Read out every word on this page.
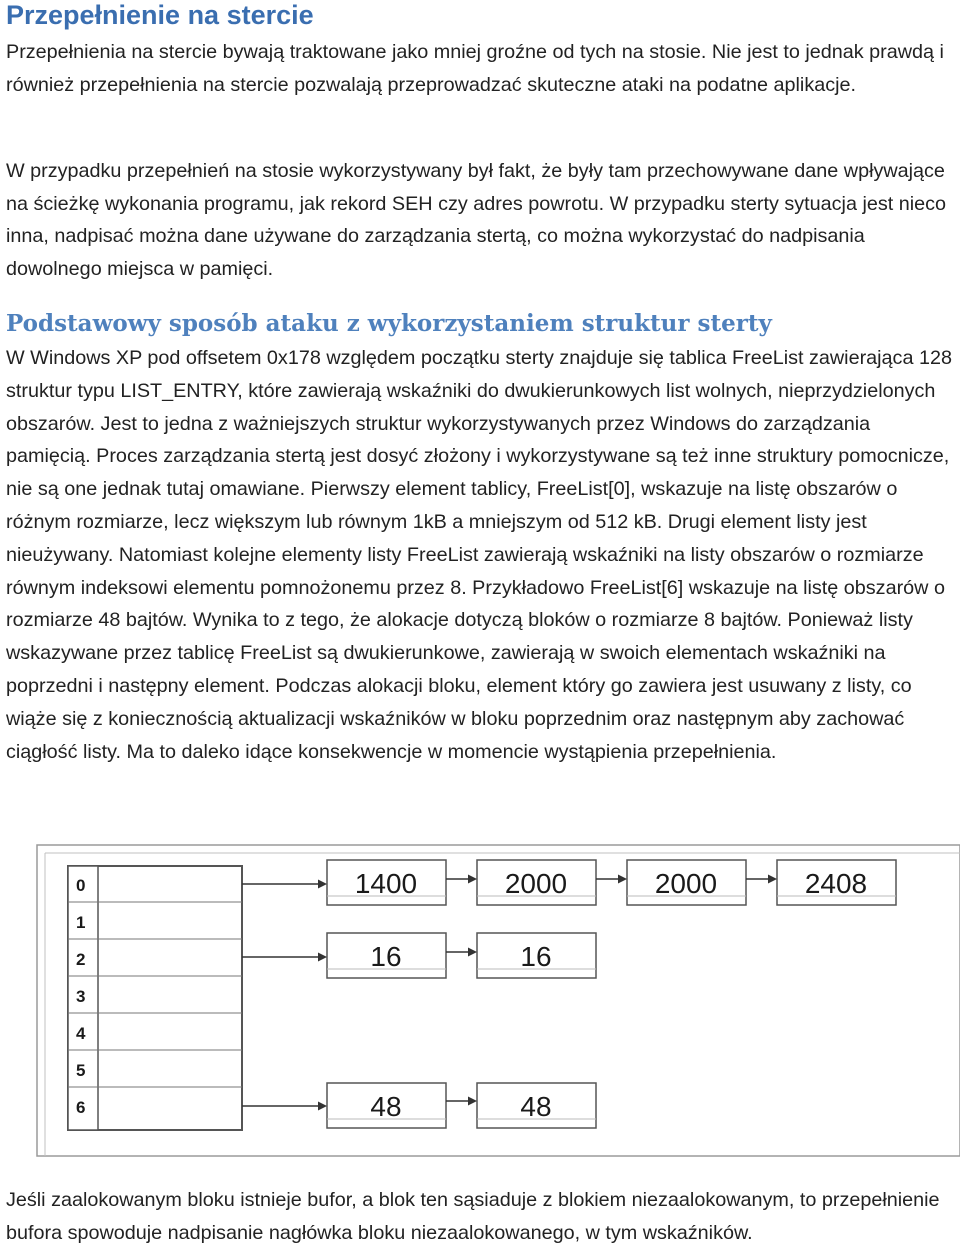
Przepełnienie na stercie

Przepełnienia na stercie bywają traktowane jako mniej groźne od tych na stosie. Nie jest to jednak prawdą i również przepełnienia na stercie pozwalają przeprowadzać skuteczne ataki na podatne aplikacje.

W przypadku przepełnień na stosie wykorzystywany był fakt, że były tam przechowywane dane wpływające na ścieżkę wykonania programu, jak rekord SEH czy adres powrotu. W przypadku sterty sytuacja jest nieco inna, nadpisać można dane używane do zarządzania stertą, co można wykorzystać do nadpisania dowolnego miejsca w pamięci.

Podstawowy sposób ataku z wykorzystaniem struktur sterty

W Windows XP pod offsetem 0x178 względem początku sterty znajduje się tablica FreeList zawierająca 128 struktur typu LIST_ENTRY, które zawierają wskaźniki do dwukierunkowych list wolnych, nieprzydzielonych obszarów. Jest to jedna z ważniejszych struktur wykorzystywanych przez Windows do zarządzania pamięcią. Proces zarządzania stertą jest dosyć złożony i wykorzystywane są też inne struktury pomocnicze, nie są one jednak tutaj omawiane. Pierwszy element tablicy, FreeList[0], wskazuje na listę obszarów o różnym rozmiarze, lecz większym lub równym 1kB a mniejszym od 512 kB. Drugi element listy jest nieużywany. Natomiast kolejne elementy listy FreeList zawierają wskaźniki na listy obszarów o rozmiarze równym indeksowi elementu pomnożonemu przez 8. Przykładowo FreeList[6] wskazuje na listę obszarów o rozmiarze 48 bajtów. Wynika to z tego, że alokacje dotyczą bloków o rozmiarze 8 bajtów. Ponieważ listy wskazywane przez tablicę FreeList są dwukierunkowe, zawierają w swoich elementach wskaźniki na poprzedni i następny element. Podczas alokacji bloku, element który go zawiera jest usuwany z listy, co wiąże się z koniecznością aktualizacji wskaźników w bloku poprzednim oraz następnym aby zachować ciągłość listy. Ma to daleko idące konsekwencje w momencie wystąpienia przepełnienia.

Jeśli zaalokowanym bloku istnieje bufor, a blok ten sąsiaduje z blokiem niezaalokowanym, to przepełnienie bufora spowoduje nadpisanie nagłówka bloku niezaalokowanego, w tym wskaźników.

0
1
2
3
4
5
6
1400	2000	2000	2408
16	16
48	48
